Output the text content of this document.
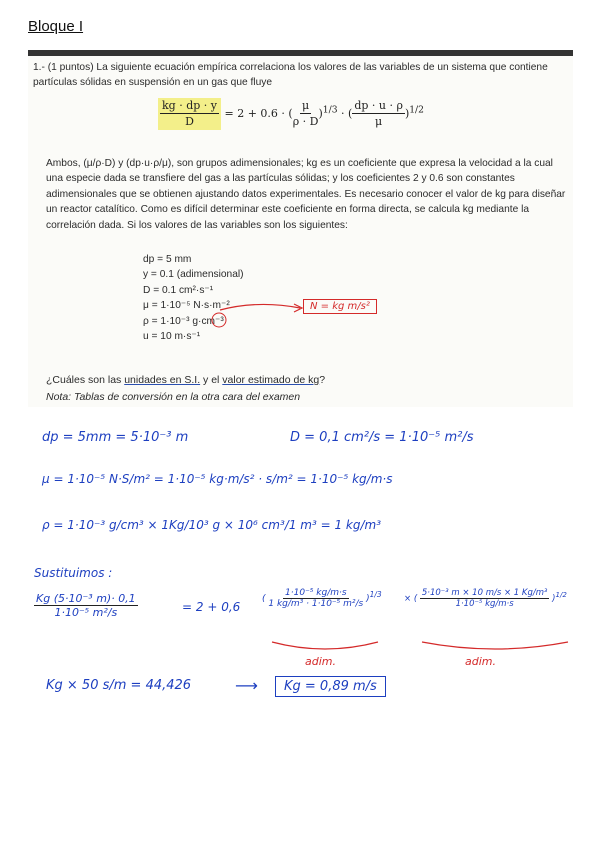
Bloque I
1.- (1 puntos) La siguiente ecuación empírica correlaciona los valores de las variables de un sistema que contiene partículas sólidas en suspensión en un gas que fluye
$\frac{kg \cdot dp \cdot y}{D} = 2 + 0.6$ · ( $\frac{\mu}{\rho \cdot D} )^{1/3}$ · ( $\frac{dp \cdot u \cdot \rho}{\mu} )^{1/2}$
Ambos, (μ/ρ·D) y (dp·u·ρ/μ), son grupos adimensionales; kg es un coeficiente que expresa la velocidad a la cual una especie dada se transfiere del gas a las partículas sólidas; y los coeficientes 2 y 0.6 son constantes adimensionales que se obtienen ajustando datos experimentales. Es necesario conocer el valor de kg para diseñar un reactor catalítico. Como es difícil determinar este coeficiente en forma directa, se calcula kg mediante la correlación dada. Si los valores de las variables son los siguientes:
dp = 5 mm
y = 0.1 (adimensional)
D = 0.1 cm²·s⁻¹
μ = 1·10⁻⁵ N·s·m⁻²
ρ = 1·10⁻³ g·cm⁻³
u = 10 m·s⁻¹
N = kg m/s²
¿Cuáles son las unidades en S.I. y el valor estimado de kg?
Nota: Tablas de conversión en la otra cara del examen
dp = 5mm = 5·10⁻³ m	D = 0,1 cm²/s = 1·10⁻⁵ m²/s
μ = 1·10⁻⁵ N·S/m² = 1·10⁻⁵ kg·m/s² · s/m² = 1·10⁻⁵ kg/m·s
ρ = 1·10⁻³ g/cm³ × 1Kg/10³ g × 10⁶ cm³/1 m³ = 1 kg/m³
Sustituimos :
$\frac{\text{Kg (5·10⁻³ m)· 0,1}}{\text{1·10⁻⁵ m²/s}}$	= 2 + 0,6
( $\frac{\text{1·10⁻⁵ kg/m·s}}{\text{1 kg/m³ · 1·10⁻⁵ m²/s}} )^{1/3}$	× ( $\frac{\text{5·10⁻³ m × 10 m/s × 1 Kg/m³}}{\text{1·10⁻⁵ kg/m·s}} )^{1/2}$
adim.	adim.
Kg × 50 s/m = 44,426	⟶	Kg = 0,89 m/s
